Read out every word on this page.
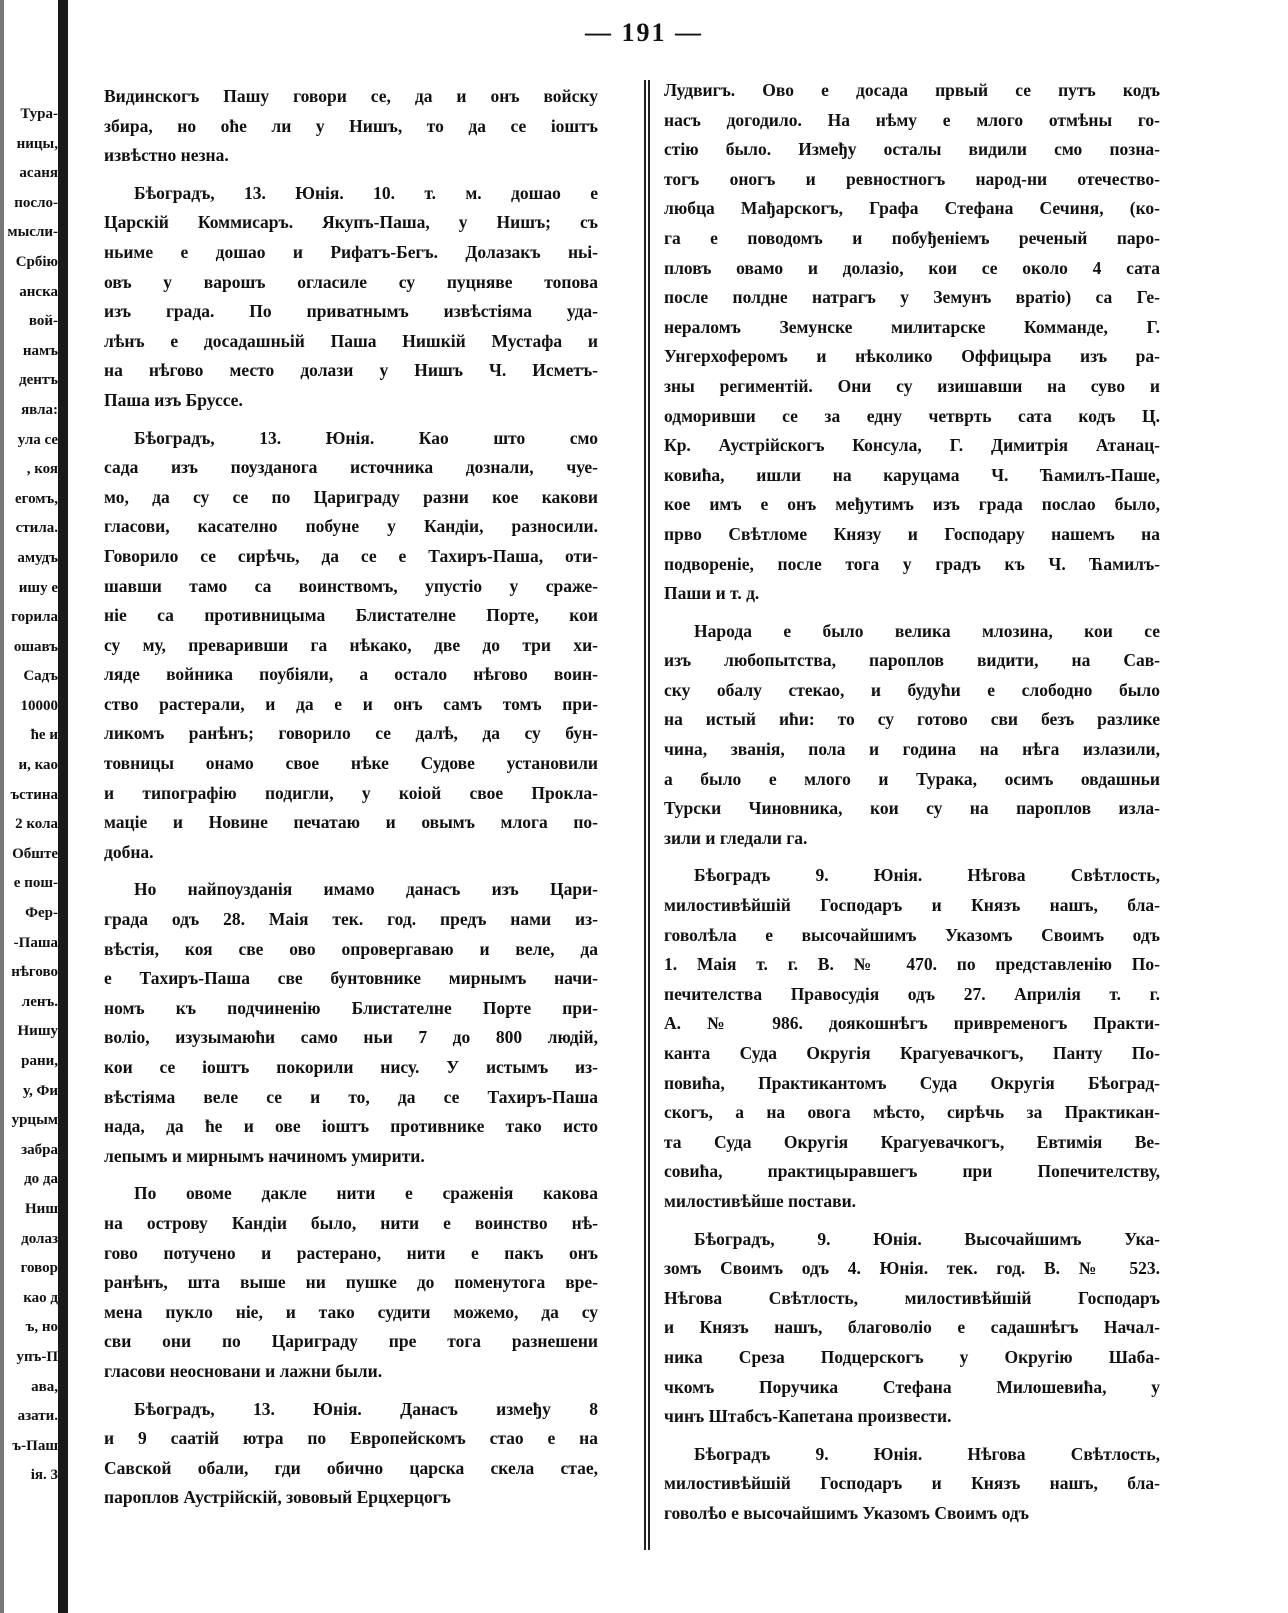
Тура-
ницы,
асаня
посло-
мысли-
Србію
анска
вой-
намъ
дентъ
явла:
ула се
, коя
егомъ,
стила.
амудъ
ишу е
горила
ошавъ
Садъ
10000
ће и
и, као
ъстина
2 кола
Обште
е пош-
Фер-
-Паша
нѣгово
ленъ.
Нишу
рани,
у, Фи
урцым
забра
до да
Ниш
долаз
говор
као д
ъ, но
упъ-П
ава,
азати.
ъ-Паш
ія. 3
— 191 —
Видинскогъ Пашу говори се, да и онъ войску
збира, но оће ли у Нишъ, то да се іоштъ
извѣстно незна.
Бѣоградъ, 13. Юнія. 10. т. м. дошао е
Царскій Коммисаръ. Якупъ-Паша, у Нишъ; съ
ньиме е дошао и Рифатъ-Бегъ. Долазакъ ньі-
овъ у варошъ огласиле су пуцняве топова
изъ града. По приватнымъ извѣстіяма уда-
лѣнъ е досадашньій Паша Нишкій Мустафа и
на нѣгово место долази у Нишъ Ч. Исметъ-
Паша изъ Бруссе.
Бѣоградъ, 13. Юнія. Као што смо
сада изъ поузданога источника дознали, чуе-
мо, да су се по Цариграду разни кое какови
гласови, касателно побуне у Кандіи, разносили.
Говорило се сирѣчь, да се е Тахиръ-Паша, оти-
шавши тамо са воинствомъ, упустіо у сраже-
ніе са противницыма Блистателне Порте, кои
су му, преваривши га нѣкако, две до три хи-
ляде войника поубіяли, а остало нѣгово воин-
ство растерали, и да е и онъ самъ томъ при-
ликомъ ранѣнъ; говорило се далѣ, да су бун-
товницы онамо свое нѣке Судове установили
и типографію подигли, у коіой свое Прокла-
маціе и Новине печатаю и овымъ млога по-
добна.
Но найпоузданія имамо данасъ изъ Цари-
града одъ 28. Маія тек. год. предъ нами из-
вѣстія, коя све ово опровергаваю и веле, да
е Тахиръ-Паша све бунтовнике мирнымъ начи-
номъ къ подчиненію Блистателне Порте при-
воліо, изузымаюћи само ньи 7 до 800 людій,
кои се іоштъ покорили нису. У истымъ из-
вѣстіяма веле се и то, да се Тахиръ-Паша
нада, да ће и ове іоштъ противнике тако исто
лепымъ и мирнымъ начиномъ умирити.
По овоме дакле нити е сраженія какова
на острову Кандіи было, нити е воинство нѣ-
гово потучено и растерано, нити е пакъ онъ
ранѣнъ, шта выше ни пушке до поменутога вре-
мена пукло ніе, и тако судити можемо, да су
сви они по Цариграду пре тога разнешени
гласови неосновани и лажни были.
Бѣоградъ, 13. Юнія. Данасъ између 8
и 9 саатій ютра по Европейскомъ стао е на
Савской обали, гди обично царска скела стае,
пароплов Аустрійскій, зововый Ерцхерцогъ
Лудвигъ. Ово е досада првый се путъ кодъ
насъ догодило. На нѣму е млого отмѣны го-
стію было. Између осталы видили смо позна-
тогъ оногъ и ревностногъ народ-ни отечество-
любца Мађарскогъ, Графа Стефана Сечиня, (ко-
га е поводомъ и побуђеніемъ реченый паро-
пловъ овамо и долазіо, кои се около 4 сата
после полдне натрагъ у Земунъ вратіо) са Ге-
нераломъ Земунске милитарске Комманде, Г.
Унгерхоферомъ и нѣколико Оффицыра изъ ра-
зны регимeнтій. Они су изишавши на суво и
одморивши се за едну четврть сата кодъ Ц.
Кр. Аустрійскогъ Консула, Г. Димитрія Атанац-
ковића, ишли на каруцама Ч. Ћамилъ-Паше,
кое имъ е онъ међутимъ изъ града послао было,
прво Свѣтломе Князу и Господару нашемъ на
подворeніе, после тога у градъ къ Ч. Ћамилъ-
Паши и т. д.
Народа е было велика млозина, кои се
изъ любопытства, пароплов видити, на Сав-
ску обалу стекао, и будући е слободно было
на истый ићи: то су готово сви безъ разлике
чина, званія, пола и година на нѣга излазили,
а было е млого и Турака, осимъ овдашньи
Турски Чиновника, кои су на пароплов изла-
зили и гледали га.
Бѣоградъ 9. Юнія. Нѣгова Свѣтлость,
милостивѣйшій Господаръ и Князъ нашъ, бла-
говолѣла е высочайшимъ Указомъ Своимъ одъ
1. Маія т. г. В. № 470. по представленію По-
печителства Правосудія одъ 27. Априлія т. г.
А. № 986. доякошнѣгъ привременогъ Практи-
канта Суда Округія Крагуевачкогъ, Панту По-
повића, Практикантомъ Суда Округія Бѣоград-
скогъ, а на овога мѣсто, сирѣчь за Практикан-
та Суда Округія Крагуевачкогъ, Евтимія Ве-
совића, практицыравшегъ при Попечителству,
милостивѣйше постави.
Бѣоградъ, 9. Юнія. Высочайшимъ Ука-
зомъ Своимъ одъ 4. Юнія. тек. год. В. № 523.
Нѣгова Свѣтлость, милостивѣйшій Господаръ
и Князъ нашъ, благоволіо е садашнѣгъ Начал-
ника Среза Подцерскогъ у Округію Шаба-
чкомъ Поручика Стефана Милошевића, у
чинъ Штабсъ-Капетана произвести.
Бѣоградъ 9. Юнія. Нѣгова Свѣтлость,
милостивѣйшій Господаръ и Князъ нашъ, бла-
говолѣо е высочайшимъ Указомъ Своимъ одъ
